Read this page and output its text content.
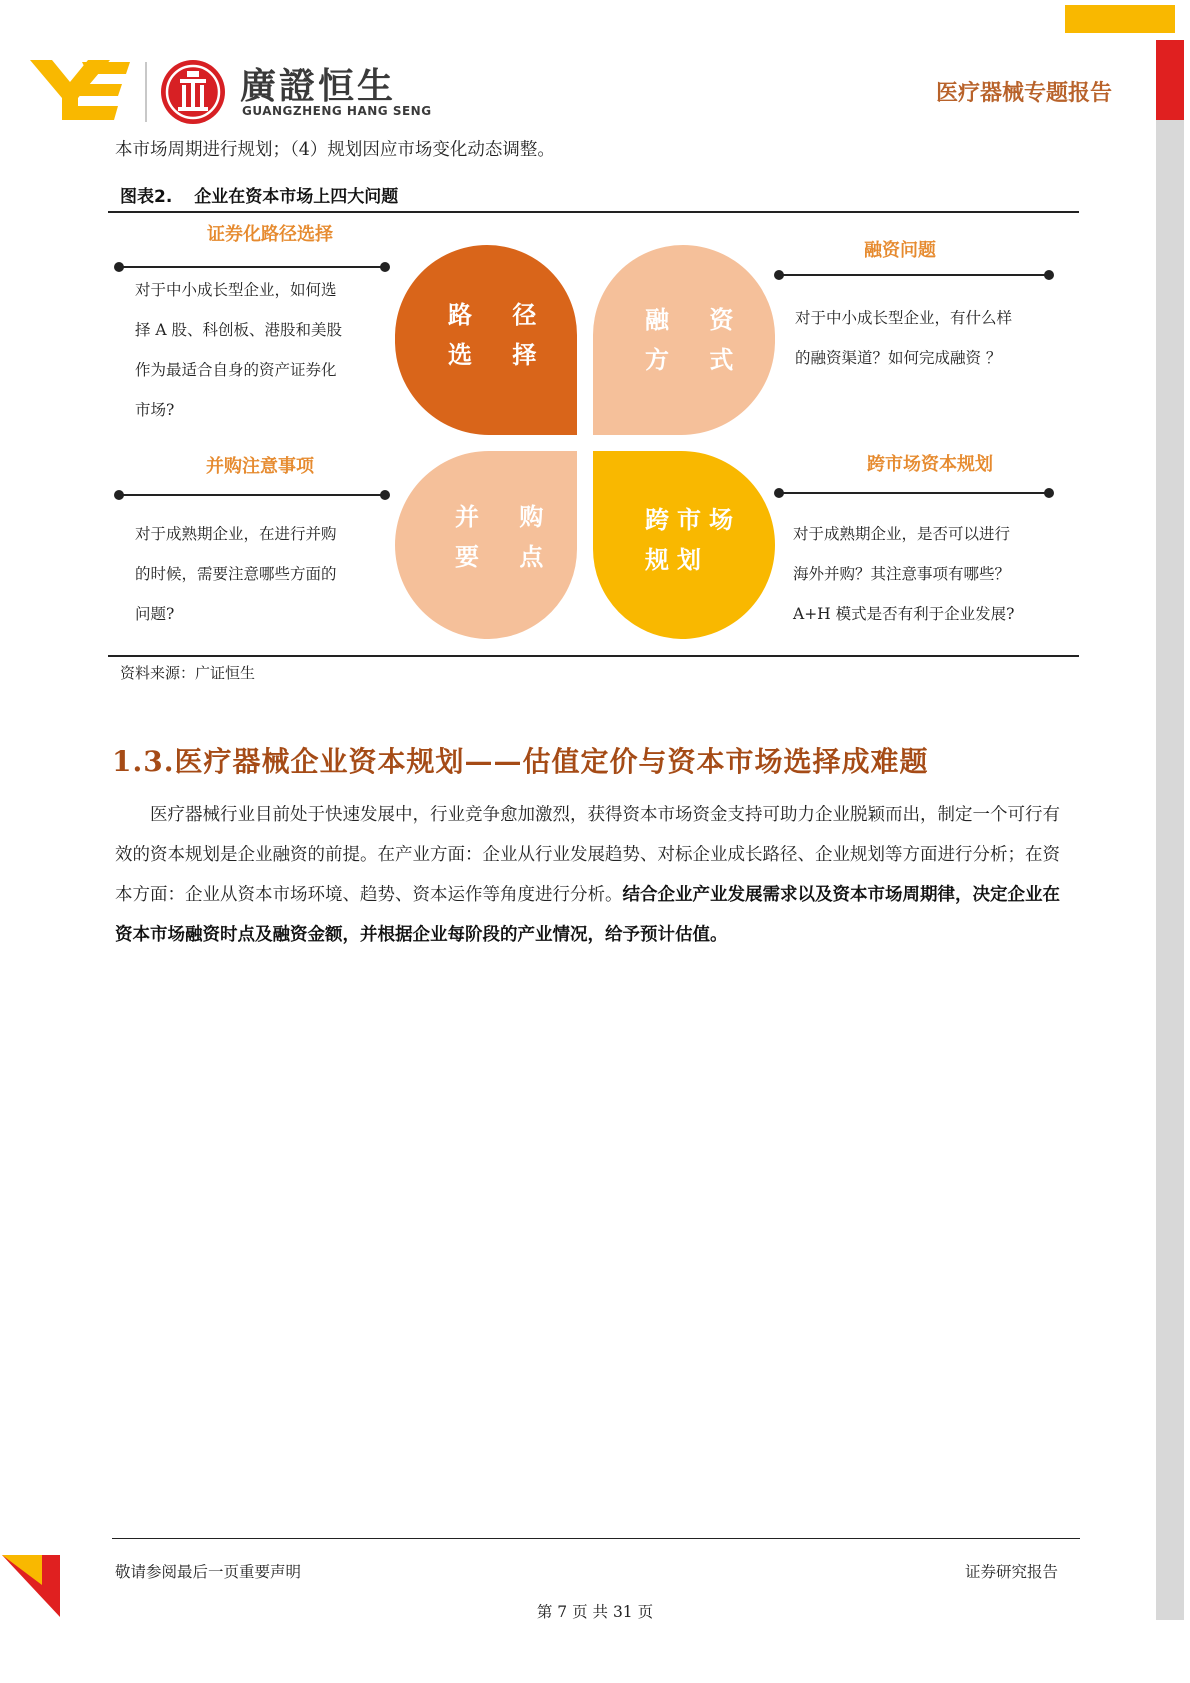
廣證恒生
GUANGZHENG HANG SENG
医疗器械专题报告
本市场周期进行规划；（4）规划因应市场变化动态调整。
图表2. 企业在资本市场上四大问题
证券化路径选择
对于中小成长型企业，如何选
择 A 股、科创板、港股和美股
作为最适合自身的资产证券化
市场?
融资问题
对于中小成长型企业，有什么样
的融资渠道？如何完成融资 ？
并购注意事项
对于成熟期企业，在进行并购
的时候，需要注意哪些方面的
问题?
跨市场资本规划
对于成熟期企业，是否可以进行
海外并购？其注意事项有哪些？
A+H 模式是否有利于企业发展?
路 径
选 择
融 资
方 式
并 购
要 点
跨市场
规划
资料来源：广证恒生
1.3.医疗器械企业资本规划——估值定价与资本市场选择成难题
  医疗器械行业目前处于快速发展中，行业竞争愈加激烈，获得资本市场资金支持可助力企业脱颖而出，制定一个可行有效的资本规划是企业融资的前提。在产业方面：企业从行业发展趋势、对标企业成长路径、企业规划等方面进行分析；在资本方面：企业从资本市场环境、趋势、资本运作等角度进行分析。结合企业产业发展需求以及资本市场周期律，决定企业在资本市场融资时点及融资金额，并根据企业每阶段的产业情况，给予预计估值。
敬请参阅最后一页重要声明	证券研究报告
第 7 页 共 31 页
